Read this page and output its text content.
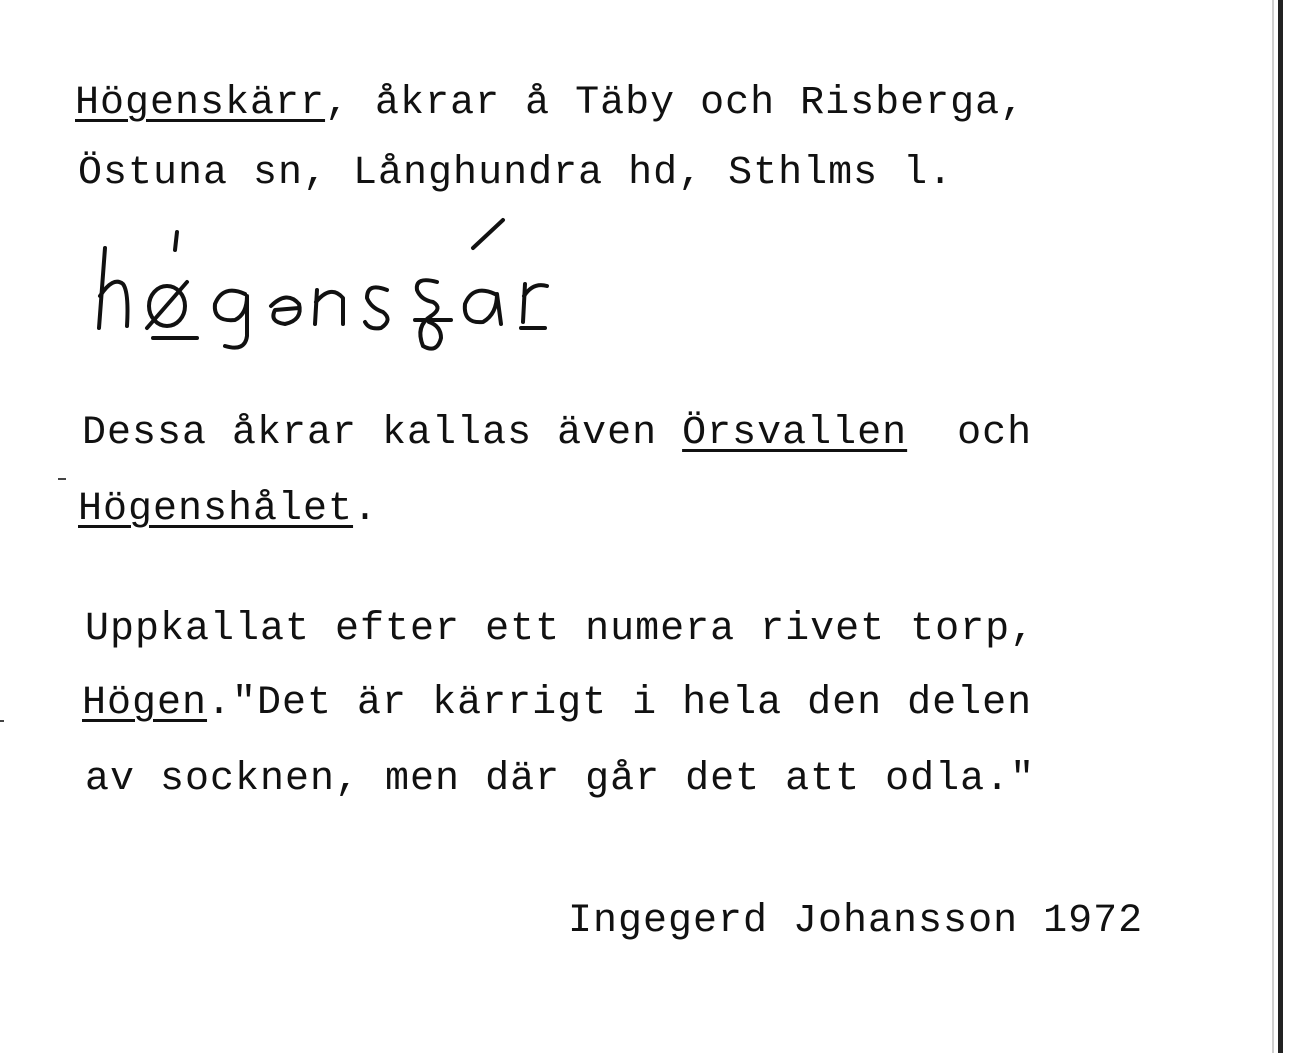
Högenskärr, åkrar å Täby och Risberga,
Östuna sn, Långhundra hd, Sthlms l.
Dessa åkrar kallas även Örsvallen  och
Högenshålet.
Uppkallat efter ett numera rivet torp,
Högen."Det är kärrigt i hela den delen
av socknen, men där går det att odla."
Ingegerd Johansson 1972
